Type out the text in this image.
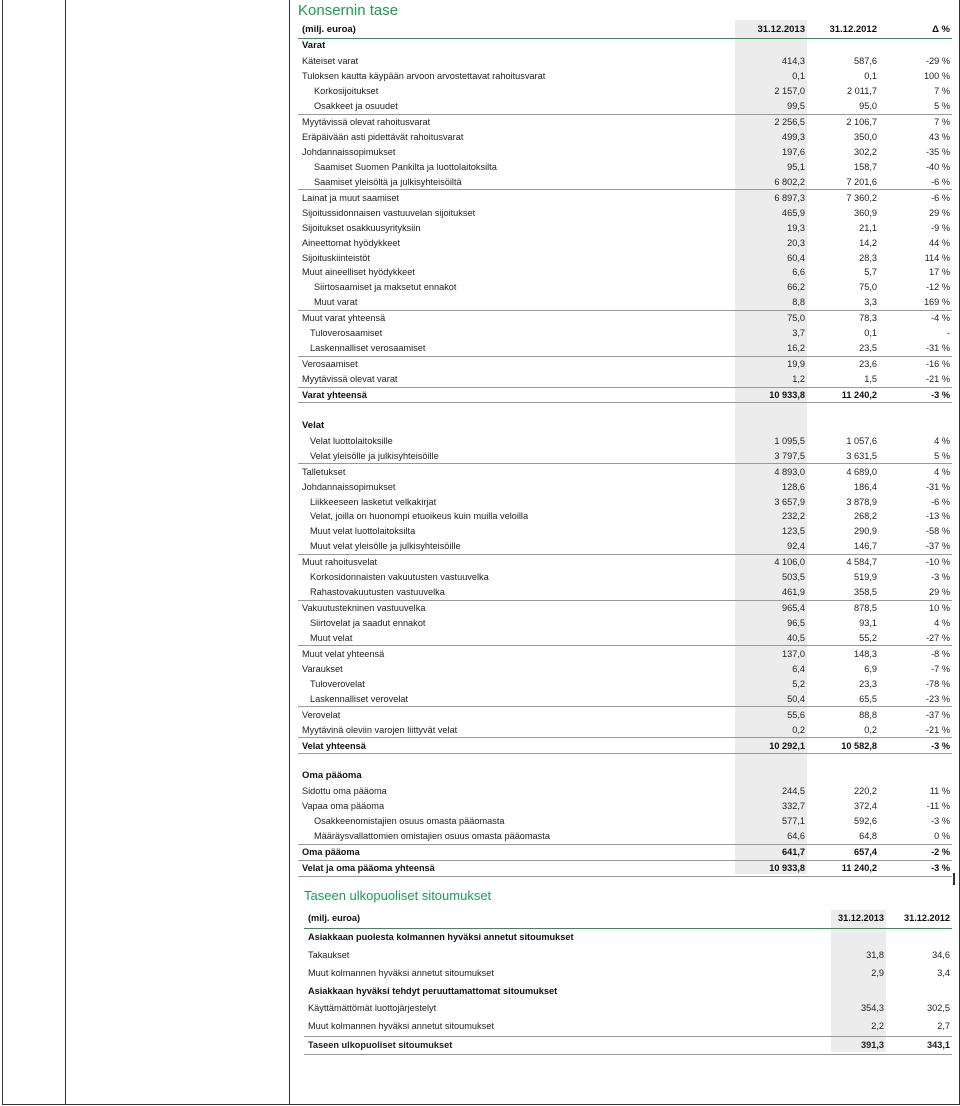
Konsernin tase
(milj. euroa)	31.12.2013	31.12.2012	Δ %
Varat			
Käteiset varat	414,3	587,6	-29 %
Tuloksen kautta käypään arvoon arvostettavat rahoitusvarat	0,1	0,1	100 %
Korkosijoitukset	2 157,0	2 011,7	7 %
Osakkeet ja osuudet	99,5	95,0	5 %
Myytävissä olevat rahoitusvarat	2 256,5	2 106,7	7 %
Eräpäivään asti pidettävät rahoitusvarat	499,3	350,0	43 %
Johdannaissopimukset	197,6	302,2	-35 %
Saamiset Suomen Pankilta ja luottolaitoksilta	95,1	158,7	-40 %
Saamiset yleisöltä ja julkisyhteisöiltä	6 802,2	7 201,6	-6 %
Lainat ja muut saamiset	6 897,3	7 360,2	-6 %
Sijoitussidonnaisen vastuuvelan sijoitukset	465,9	360,9	29 %
Sijoitukset osakkuusyrityksiin	19,3	21,1	-9 %
Aineettomat hyödykkeet	20,3	14,2	44 %
Sijoituskiinteistöt	60,4	28,3	114 %
Muut aineelliset hyödykkeet	6,6	5,7	17 %
Siirtosaamiset ja maksetut ennakot	66,2	75,0	-12 %
Muut varat	8,8	3,3	169 %
Muut varat yhteensä	75,0	78,3	-4 %
Tuloverosaamiset	3,7	0,1	-
Laskennalliset verosaamiset	16,2	23,5	-31 %
Verosaamiset	19,9	23,6	-16 %
Myytävissä olevat varat	1,2	1,5	-21 %
Varat yhteensä	10 933,8	11 240,2	-3 %

Velat			
Velat luottolaitoksille	1 095,5	1 057,6	4 %
Velat yleisölle ja julkisyhteisöille	3 797,5	3 631,5	5 %
Talletukset	4 893,0	4 689,0	4 %
Johdannaissopimukset	128,6	186,4	-31 %
Liikkeeseen lasketut velkakirjat	3 657,9	3 878,9	-6 %
Velat, joilla on huonompi etuoikeus kuin muilla veloilla	232,2	268,2	-13 %
Muut velat luottolaitoksilta	123,5	290,9	-58 %
Muut velat yleisölle ja julkisyhteisöille	92,4	146,7	-37 %
Muut rahoitusvelat	4 106,0	4 584,7	-10 %
Korkosidonnaisten vakuutusten vastuuvelka	503,5	519,9	-3 %
Rahastovakuutusten vastuuvelka	461,9	358,5	29 %
Vakuutustekninen vastuuvelka	965,4	878,5	10 %
Siirtovelat ja saadut ennakot	96,5	93,1	4 %
Muut velat	40,5	55,2	-27 %
Muut velat yhteensä	137,0	148,3	-8 %
Varaukset	6,4	6,9	-7 %
Tuloverovelat	5,2	23,3	-78 %
Laskennalliset verovelat	50,4	65,5	-23 %
Verovelat	55,6	88,8	-37 %
Myytävinä oleviin varojen liittyvät velat	0,2	0,2	-21 %
Velat yhteensä	10 292,1	10 582,8	-3 %

Oma pääoma			
Sidottu oma pääoma	244,5	220,2	11 %
Vapaa oma pääoma	332,7	372,4	-11 %
Osakkeenomistajien osuus omasta pääomasta	577,1	592,6	-3 %
Määräysvallattomien omistajien osuus omasta pääomasta	64,6	64,8	0 %
Oma pääoma	641,7	657,4	-2 %
Velat ja oma pääoma yhteensä	10 933,8	11 240,2	-3 %
Taseen ulkopuoliset sitoumukset
(milj. euroa)	31.12.2013	31.12.2012
Asiakkaan puolesta kolmannen hyväksi annetut sitoumukset		
Takaukset	31,8	34,6
Muut kolmannen hyväksi annetut sitoumukset	2,9	3,4
Asiakkaan hyväksi tehdyt peruuttamattomat sitoumukset		
Käyttämättömät luottojärjestelyt	354,3	302,5
Muut kolmannen hyväksi annetut sitoumukset	2,2	2,7
Taseen ulkopuoliset sitoumukset	391,3	343,1
